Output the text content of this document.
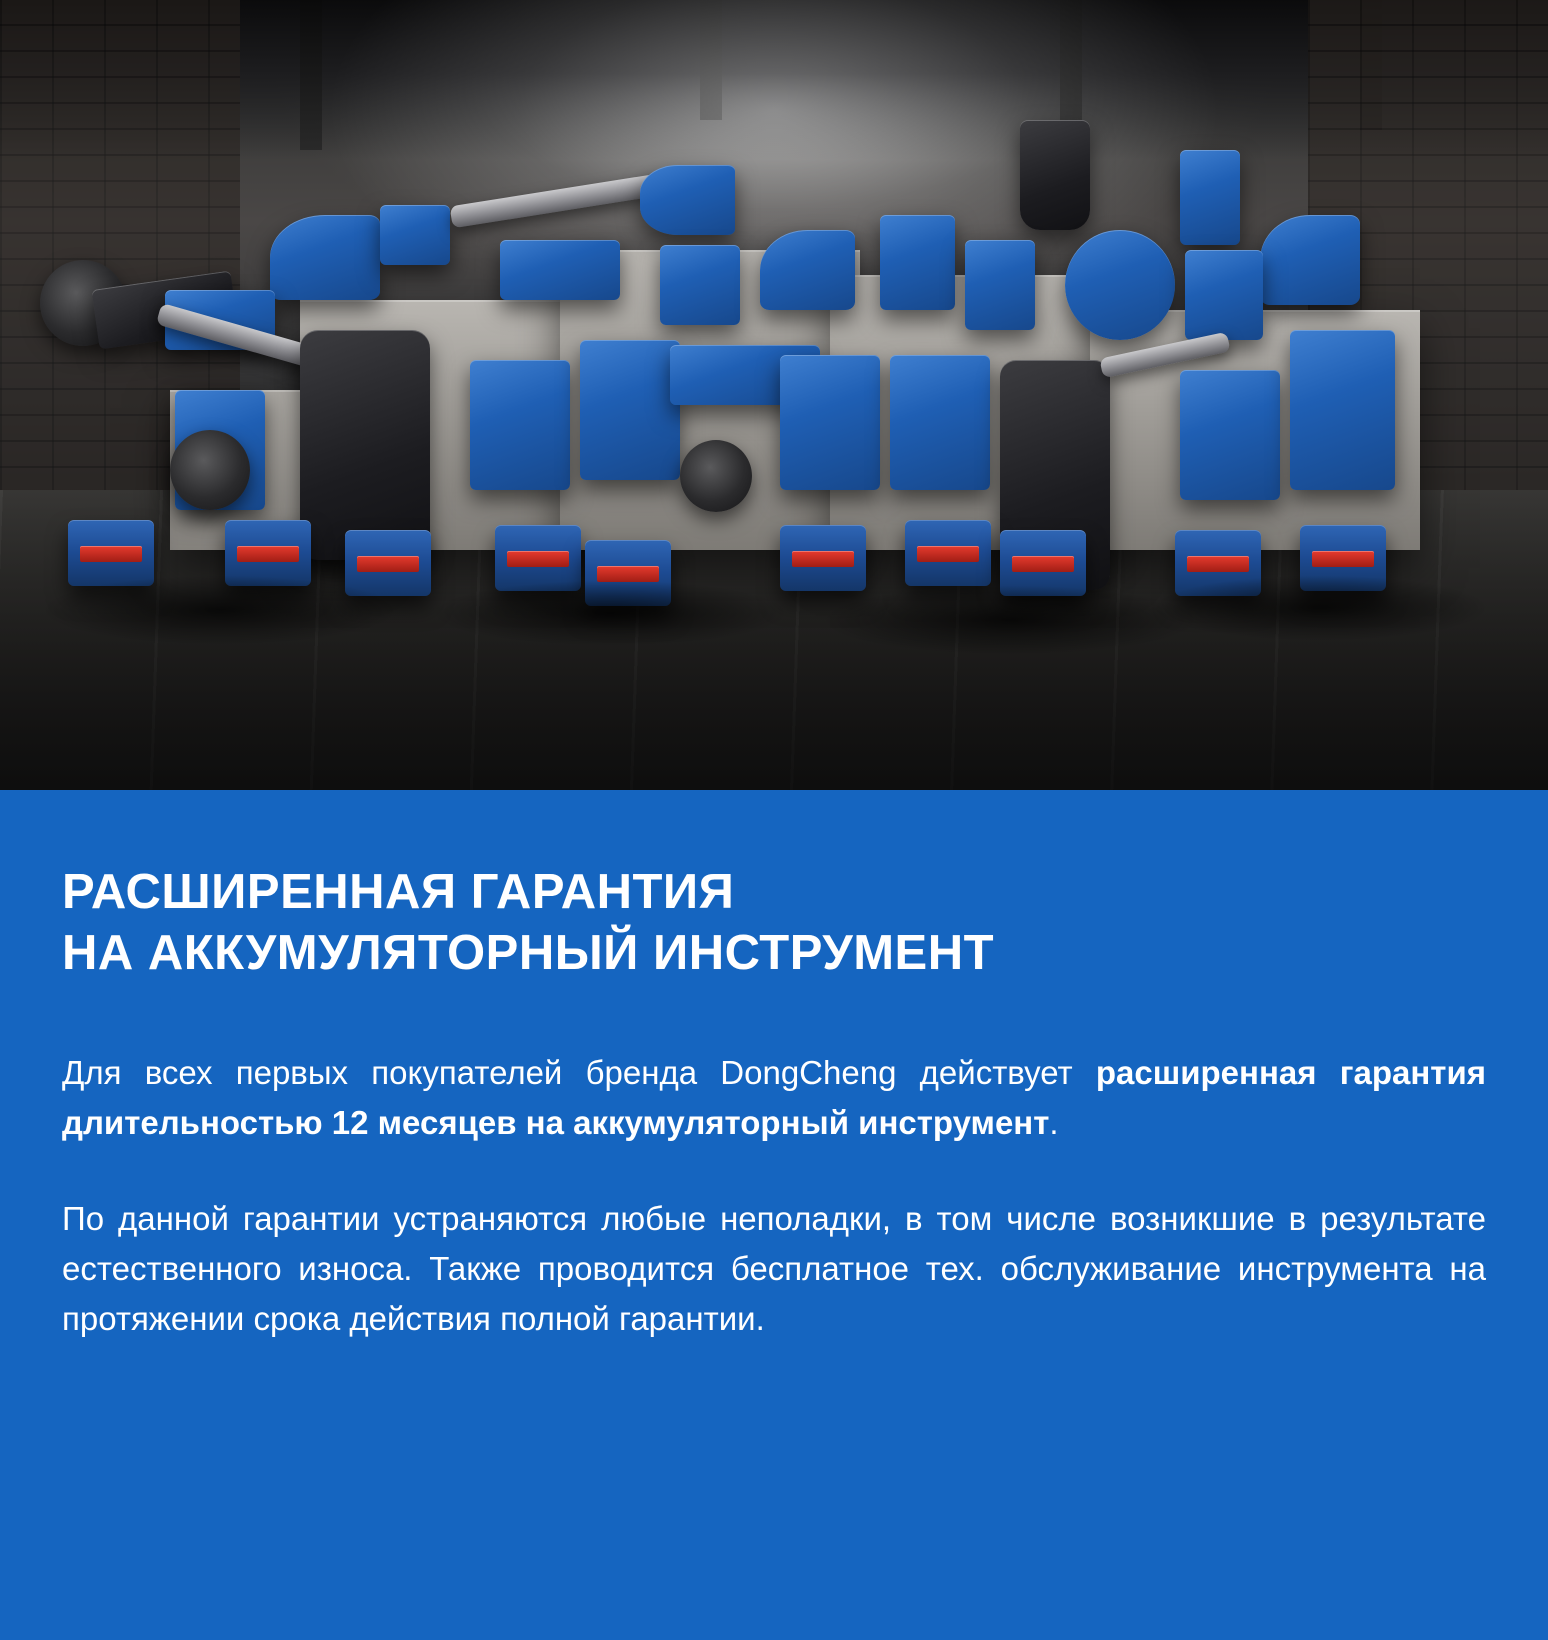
РАСШИРЕННАЯ ГАРАНТИЯ
НА АККУМУЛЯТОРНЫЙ ИНСТРУМЕНТ

Для всех первых покупателей бренда DongCheng действует расширенная гарантия длительностью 12 месяцев на аккумуляторный инструмент.

По данной гарантии устраняются любые неполадки, в том числе возникшие в результате естественного износа. Также проводится бесплатное тех. обслуживание инструмента на протяжении срока действия полной гарантии.
